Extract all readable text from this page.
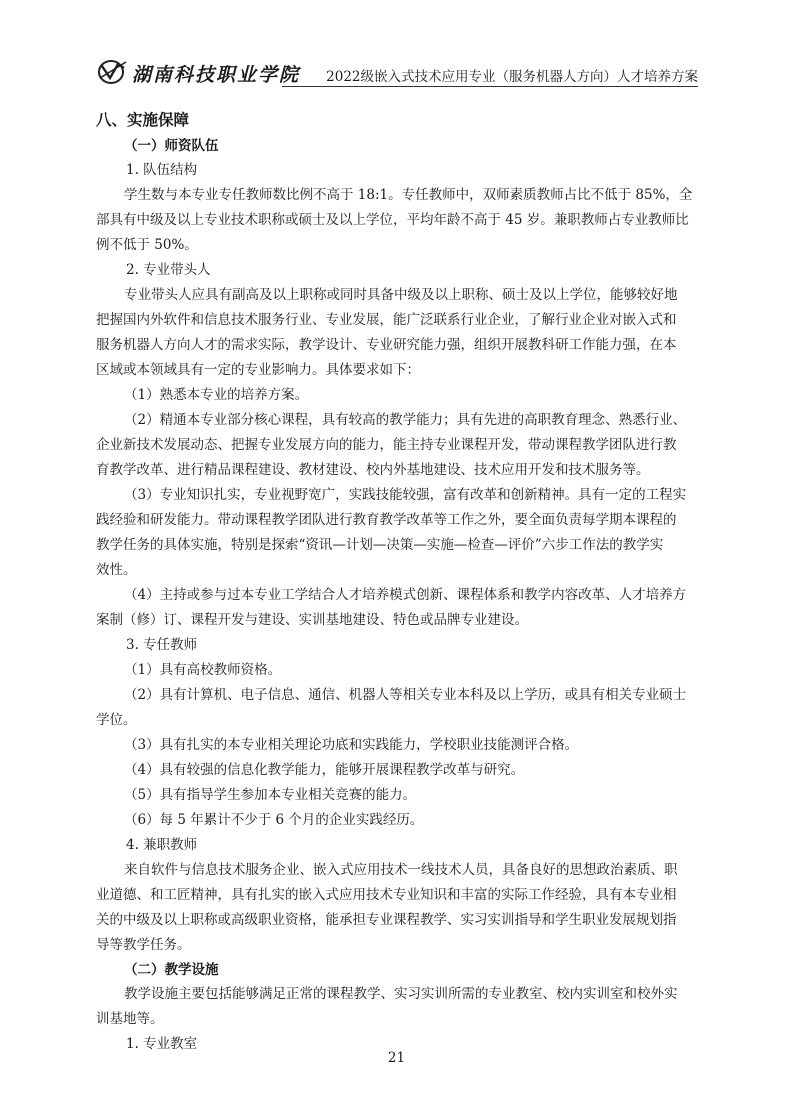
湖南科技职业学院 2022级嵌入式技术应用专业（服务机器人方向）人才培养方案
八、实施保障
（一）师资队伍
1. 队伍结构
学生数与本专业专任教师数比例不高于 18:1。专任教师中，双师素质教师占比不低于 85%，全
部具有中级及以上专业技术职称或硕士及以上学位，平均年龄不高于 45 岁。兼职教师占专业教师比
例不低于 50%。
2. 专业带头人
专业带头人应具有副高及以上职称或同时具备中级及以上职称、硕士及以上学位，能够较好地
把握国内外软件和信息技术服务行业、专业发展，能广泛联系行业企业，了解行业企业对嵌入式和
服务机器人方向人才的需求实际，教学设计、专业研究能力强，组织开展教科研工作能力强，在本
区域或本领域具有一定的专业影响力。具体要求如下：
（1）熟悉本专业的培养方案。
（2）精通本专业部分核心课程，具有较高的教学能力；具有先进的高职教育理念、熟悉行业、
企业新技术发展动态、把握专业发展方向的能力，能主持专业课程开发，带动课程教学团队进行教
育教学改革、进行精品课程建设、教材建设、校内外基地建设、技术应用开发和技术服务等。
（3）专业知识扎实，专业视野宽广，实践技能较强，富有改革和创新精神。具有一定的工程实
践经验和研发能力。带动课程教学团队进行教育教学改革等工作之外，要全面负责每学期本课程的
教学任务的具体实施，特别是探索“资讯—计划—决策—实施—检查—评价”六步工作法的教学实
效性。
（4）主持或参与过本专业工学结合人才培养模式创新、课程体系和教学内容改革、人才培养方
案制（修）订、课程开发与建设、实训基地建设、特色或品牌专业建设。
3. 专任教师
（1）具有高校教师资格。
（2）具有计算机、电子信息、通信、机器人等相关专业本科及以上学历，或具有相关专业硕士
学位。
（3）具有扎实的本专业相关理论功底和实践能力，学校职业技能测评合格。
（4）具有较强的信息化教学能力，能够开展课程教学改革与研究。
（5）具有指导学生参加本专业相关竞赛的能力。
（6）每 5 年累计不少于 6 个月的企业实践经历。
4. 兼职教师
来自软件与信息技术服务企业、嵌入式应用技术一线技术人员，具备良好的思想政治素质、职
业道德、和工匠精神，具有扎实的嵌入式应用技术专业知识和丰富的实际工作经验，具有本专业相
关的中级及以上职称或高级职业资格，能承担专业课程教学、实习实训指导和学生职业发展规划指
导等教学任务。
（二）教学设施
教学设施主要包括能够满足正常的课程教学、实习实训所需的专业教室、校内实训室和校外实
训基地等。
1. 专业教室
21
